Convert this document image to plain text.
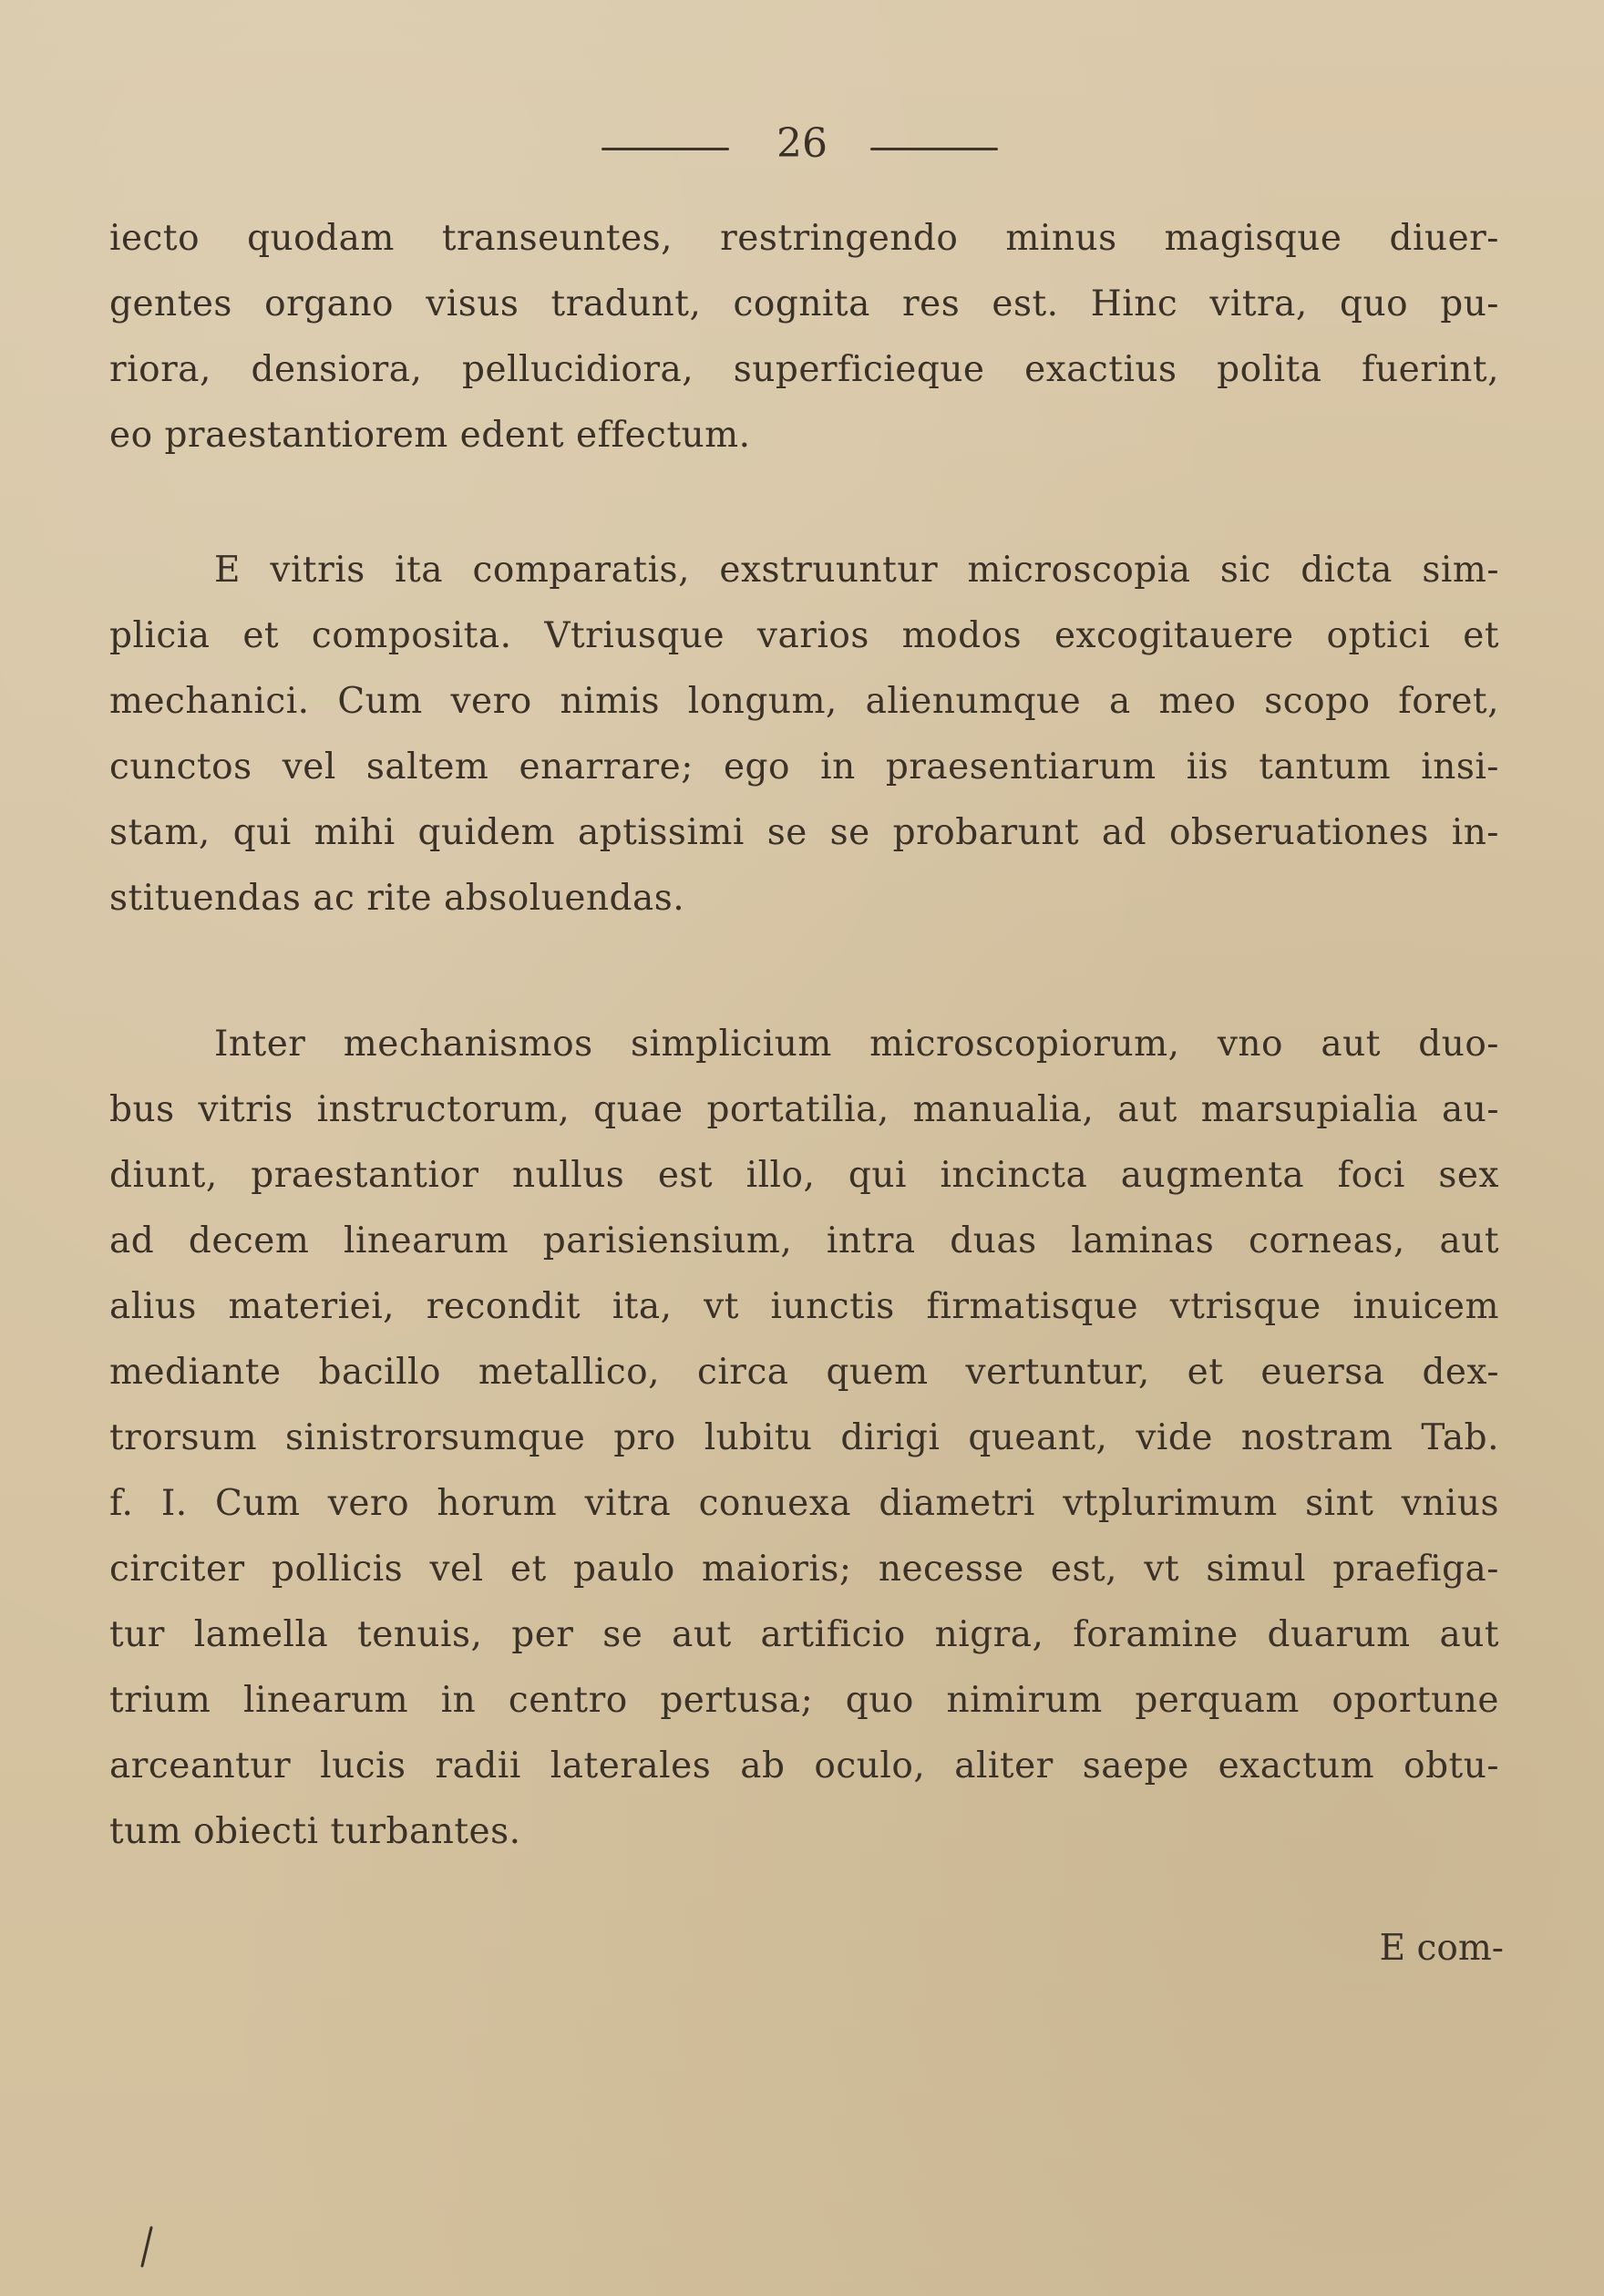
26
iecto quodam transeuntes, restringendo minus magisque diuer-
gentes organo visus tradunt, cognita res est. Hinc vitra, quo pu-
riora, densiora, pellucidiora, superficieque exactius polita fuerint,
eo praestantiorem edent effectum.
E vitris ita comparatis, exstruuntur microscopia sic dicta sim-
plicia et composita. Vtriusque varios modos excogitauere optici et
mechanici. Cum vero nimis longum, alienumque a meo scopo foret,
cunctos vel saltem enarrare; ego in praesentiarum iis tantum insi-
stam, qui mihi quidem aptissimi se se probarunt ad obseruationes in-
stituendas ac rite absoluendas.
Inter mechanismos simplicium microscopiorum, vno aut duo-
bus vitris instructorum, quae portatilia, manualia, aut marsupialia au-
diunt, praestantior nullus est illo, qui incincta augmenta foci sex
ad decem linearum parisiensium, intra duas laminas corneas, aut
alius materiei, recondit ita, vt iunctis firmatisque vtrisque inuicem
mediante bacillo metallico, circa quem vertuntur, et euersa dex-
trorsum sinistrorsumque pro lubitu dirigi queant, vide nostram Tab.
f. I. Cum vero horum vitra conuexa diametri vtplurimum sint vnius
circiter pollicis vel et paulo maioris; necesse est, vt simul praefiga-
tur lamella tenuis, per se aut artificio nigra, foramine duarum aut
trium linearum in centro pertusa; quo nimirum perquam oportune
arceantur lucis radii laterales ab oculo, aliter saepe exactum obtu-
tum obiecti turbantes.
E com-
